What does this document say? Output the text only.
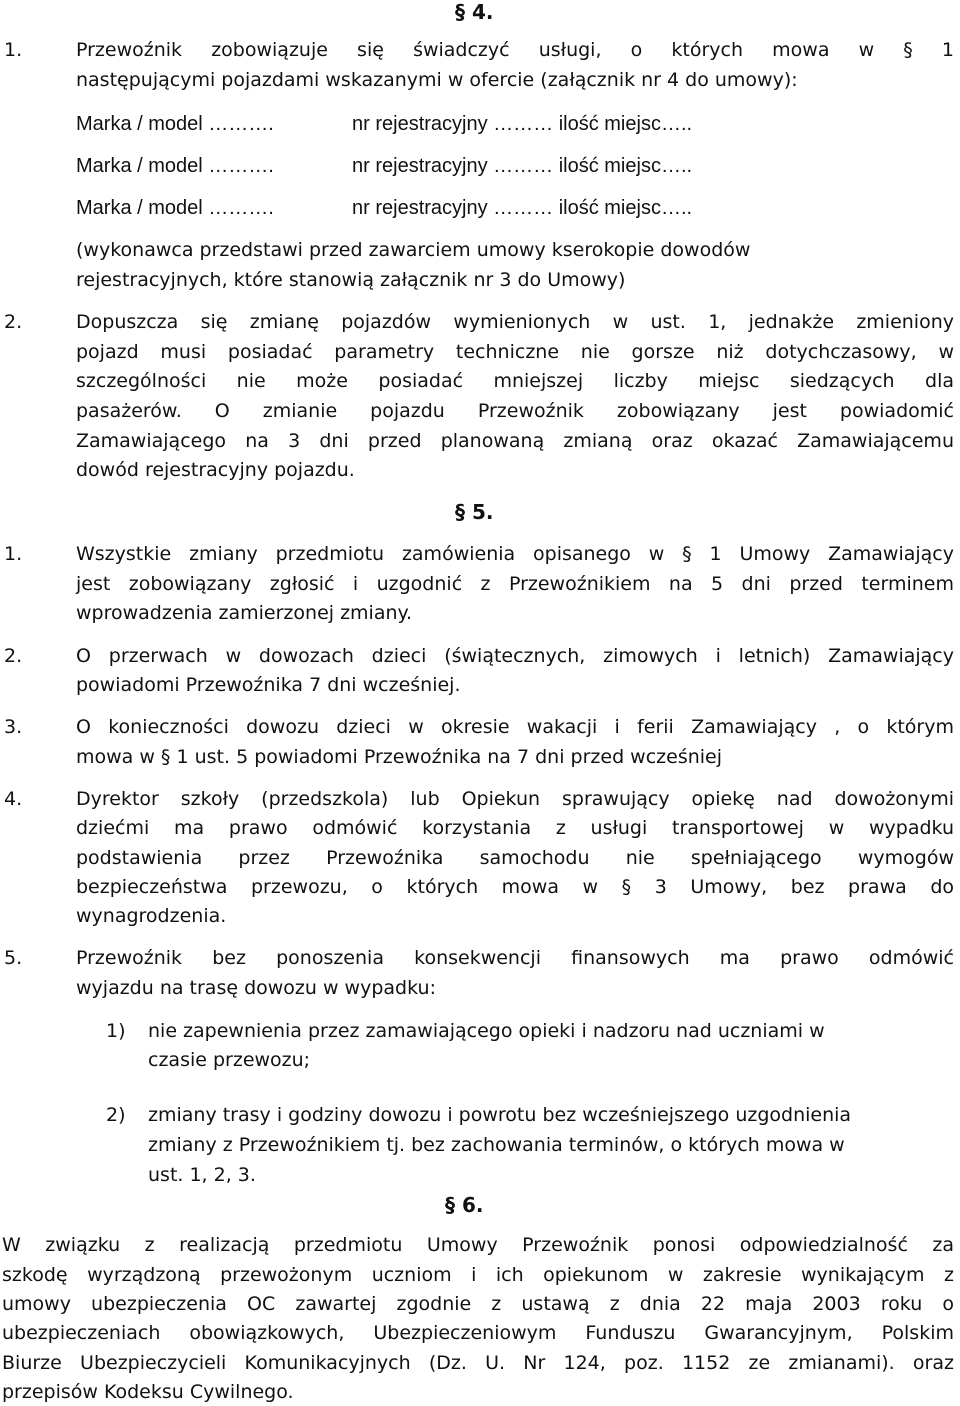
§ 4.
1.	Przewoźnik zobowiązuje się świadczyć usługi, o których mowa w § 1
następującymi pojazdami wskazanymi w ofercie (załącznik nr 4 do umowy):
Marka / model ……….	nr rejestracyjny ……… ilość miejsc…..
Marka / model ……….	nr rejestracyjny ……… ilość miejsc…..
Marka / model ……….	nr rejestracyjny ……… ilość miejsc…..
(wykonawca przedstawi przed zawarciem umowy kserokopie dowodów
rejestracyjnych, które stanowią załącznik nr 3 do Umowy)
2.	Dopuszcza się zmianę pojazdów wymienionych w ust. 1, jednakże zmieniony
pojazd musi posiadać parametry techniczne nie gorsze niż dotychczasowy, w
szczególności nie może posiadać mniejszej liczby miejsc siedzących dla
pasażerów. O zmianie pojazdu Przewoźnik zobowiązany jest powiadomić
Zamawiającego na 3 dni przed planowaną zmianą oraz okazać Zamawiającemu
dowód rejestracyjny pojazdu.
§ 5.
1.	Wszystkie zmiany przedmiotu zamówienia opisanego w § 1 Umowy Zamawiający
jest zobowiązany zgłosić i uzgodnić z Przewoźnikiem na 5 dni przed terminem
wprowadzenia zamierzonej zmiany.
2.	O przerwach w dowozach dzieci (świątecznych, zimowych i letnich) Zamawiający
powiadomi Przewoźnika 7 dni wcześniej.
3.	O konieczności dowozu dzieci w okresie wakacji i ferii Zamawiający , o którym
mowa w § 1 ust. 5 powiadomi Przewoźnika na 7 dni przed wcześniej
4.	Dyrektor szkoły (przedszkola) lub Opiekun sprawujący opiekę nad dowożonymi
dziećmi ma prawo odmówić korzystania z usługi transportowej w wypadku
podstawienia przez Przewoźnika samochodu nie spełniającego wymogów
bezpieczeństwa przewozu, o których mowa w § 3 Umowy, bez prawa do
wynagrodzenia.
5.	Przewoźnik bez ponoszenia konsekwencji finansowych ma prawo odmówić
wyjazdu na trasę dowozu w wypadku:
1) nie zapewnienia przez zamawiającego opieki i nadzoru nad uczniami w
czasie przewozu;
2) zmiany trasy i godziny dowozu i powrotu bez wcześniejszego uzgodnienia
zmiany z Przewoźnikiem tj. bez zachowania terminów, o których mowa w
ust. 1, 2, 3.
§ 6.
W związku z realizacją przedmiotu Umowy Przewoźnik ponosi odpowiedzialność za
szkodę wyrządzoną przewożonym uczniom i ich opiekunom w zakresie wynikającym z
umowy ubezpieczenia OC zawartej zgodnie z ustawą z dnia 22 maja 2003 roku o
ubezpieczeniach obowiązkowych, Ubezpieczeniowym Funduszu Gwarancyjnym, Polskim
Biurze Ubezpieczycieli Komunikacyjnych (Dz. U. Nr 124, poz. 1152 ze zmianami). oraz
przepisów Kodeksu Cywilnego.
